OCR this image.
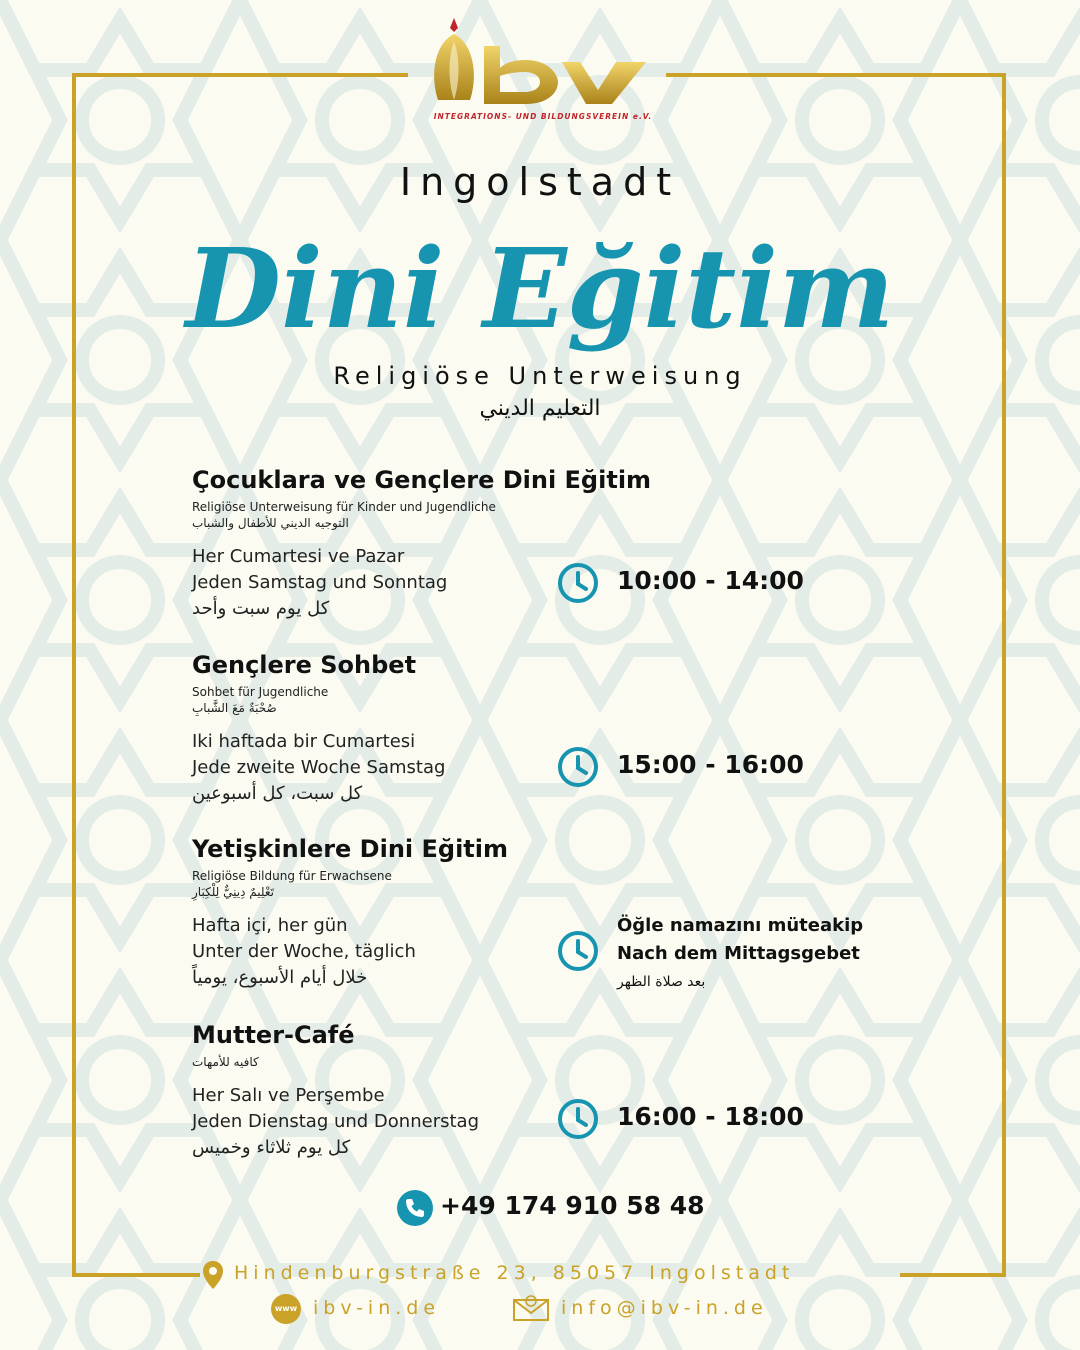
INTEGRATIONS- UND BILDUNGSVEREIN e.V.
Ingolstadt
Dini Eğitim
Religiöse Unterweisung
التعليم الديني
Çocuklara ve Gençlere Dini Eğitim
Religiöse Unterweisung für Kinder und Jugendliche
التوجيه الديني للأطفال والشباب
Her Cumartesi ve Pazar
Jeden Samstag und Sonntag
كل يوم سبت وأحد
10:00 - 14:00
Gençlere Sohbet
Sohbet für Jugendliche
صُحْبَةٌ مَعَ الشَّبابِ
Iki haftada bir Cumartesi
Jede zweite Woche Samstag
كل سبت، كل أسبوعين
15:00 - 16:00
Yetişkinlere Dini Eğitim
Religiöse Bildung für Erwachsene
تَعْلِيمٌ دِينِيٌّ لِلْكِبَارِ
Hafta içi, her gün
Unter der Woche, täglich
خلال أيام الأسبوع، يومياً
Öğle namazını müteakip
Nach dem Mittagsgebet
بعد صلاة الظهر
Mutter-Café
كافيه للأمهات
Her Salı ve Perşembe
Jeden Dienstag und Donnerstag
كل يوم ثلاثاء وخميس
16:00 - 18:00
+49 174 910 58 48
Hindenburgstraße 23, 85057 Ingolstadt
www ibv-in.de	info@ibv-in.de
